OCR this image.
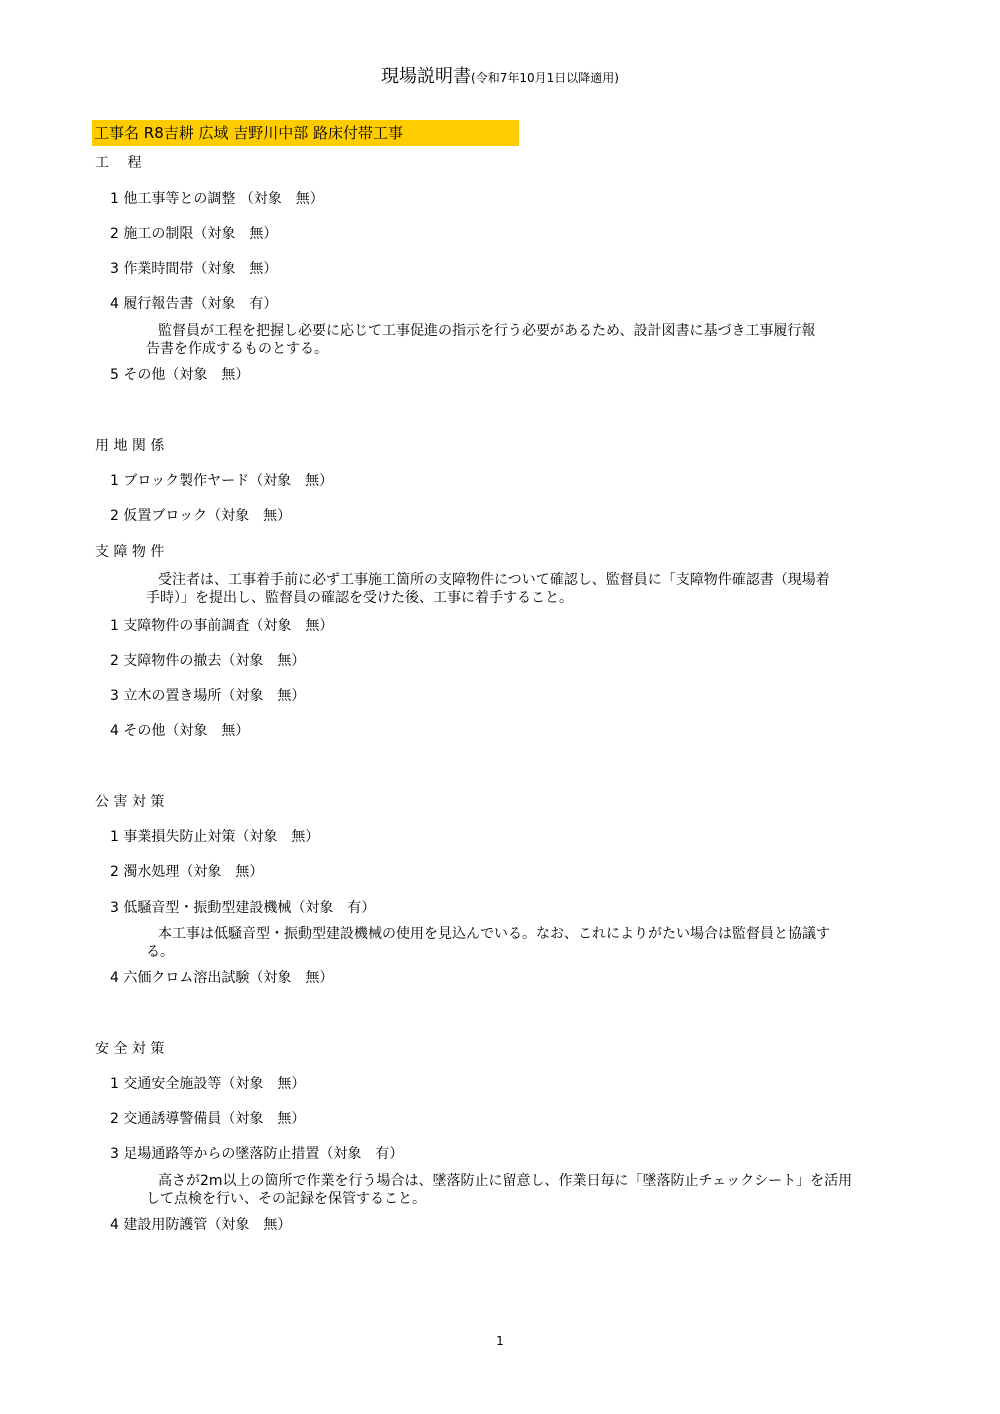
現場説明書(令和7年10月1日以降適用)
工事名 R8吉耕 広域 吉野川中部 路床付帯工事
工　 程
1 他工事等との調整 （対象　無）
2 施工の制限（対象　無）
3 作業時間帯（対象　無）
4 履行報告書（対象　有）
監督員が工程を把握し必要に応じて工事促進の指示を行う必要があるため、設計図書に基づき工事履行報
告書を作成するものとする。
5 その他（対象　無）
用 地 関 係
1 ブロック製作ヤード（対象　無）
2 仮置ブロック（対象　無）
支 障 物 件
受注者は、工事着手前に必ず工事施工箇所の支障物件について確認し、監督員に「支障物件確認書（現場着
手時）」を提出し、監督員の確認を受けた後、工事に着手すること。
1 支障物件の事前調査（対象　無）
2 支障物件の撤去（対象　無）
3 立木の置き場所（対象　無）
4 その他（対象　無）
公 害 対 策
1 事業損失防止対策（対象　無）
2 濁水処理（対象　無）
3 低騒音型・振動型建設機械（対象　有）
本工事は低騒音型・振動型建設機械の使用を見込んでいる。なお、これによりがたい場合は監督員と協議す
る。
4 六価クロム溶出試験（対象　無）
安 全 対 策
1 交通安全施設等（対象　無）
2 交通誘導警備員（対象　無）
3 足場通路等からの墜落防止措置（対象　有）
高さが2m以上の箇所で作業を行う場合は、墜落防止に留意し、作業日毎に「墜落防止チェックシート」を活用
して点検を行い、その記録を保管すること。
4 建設用防護管（対象　無）
1
